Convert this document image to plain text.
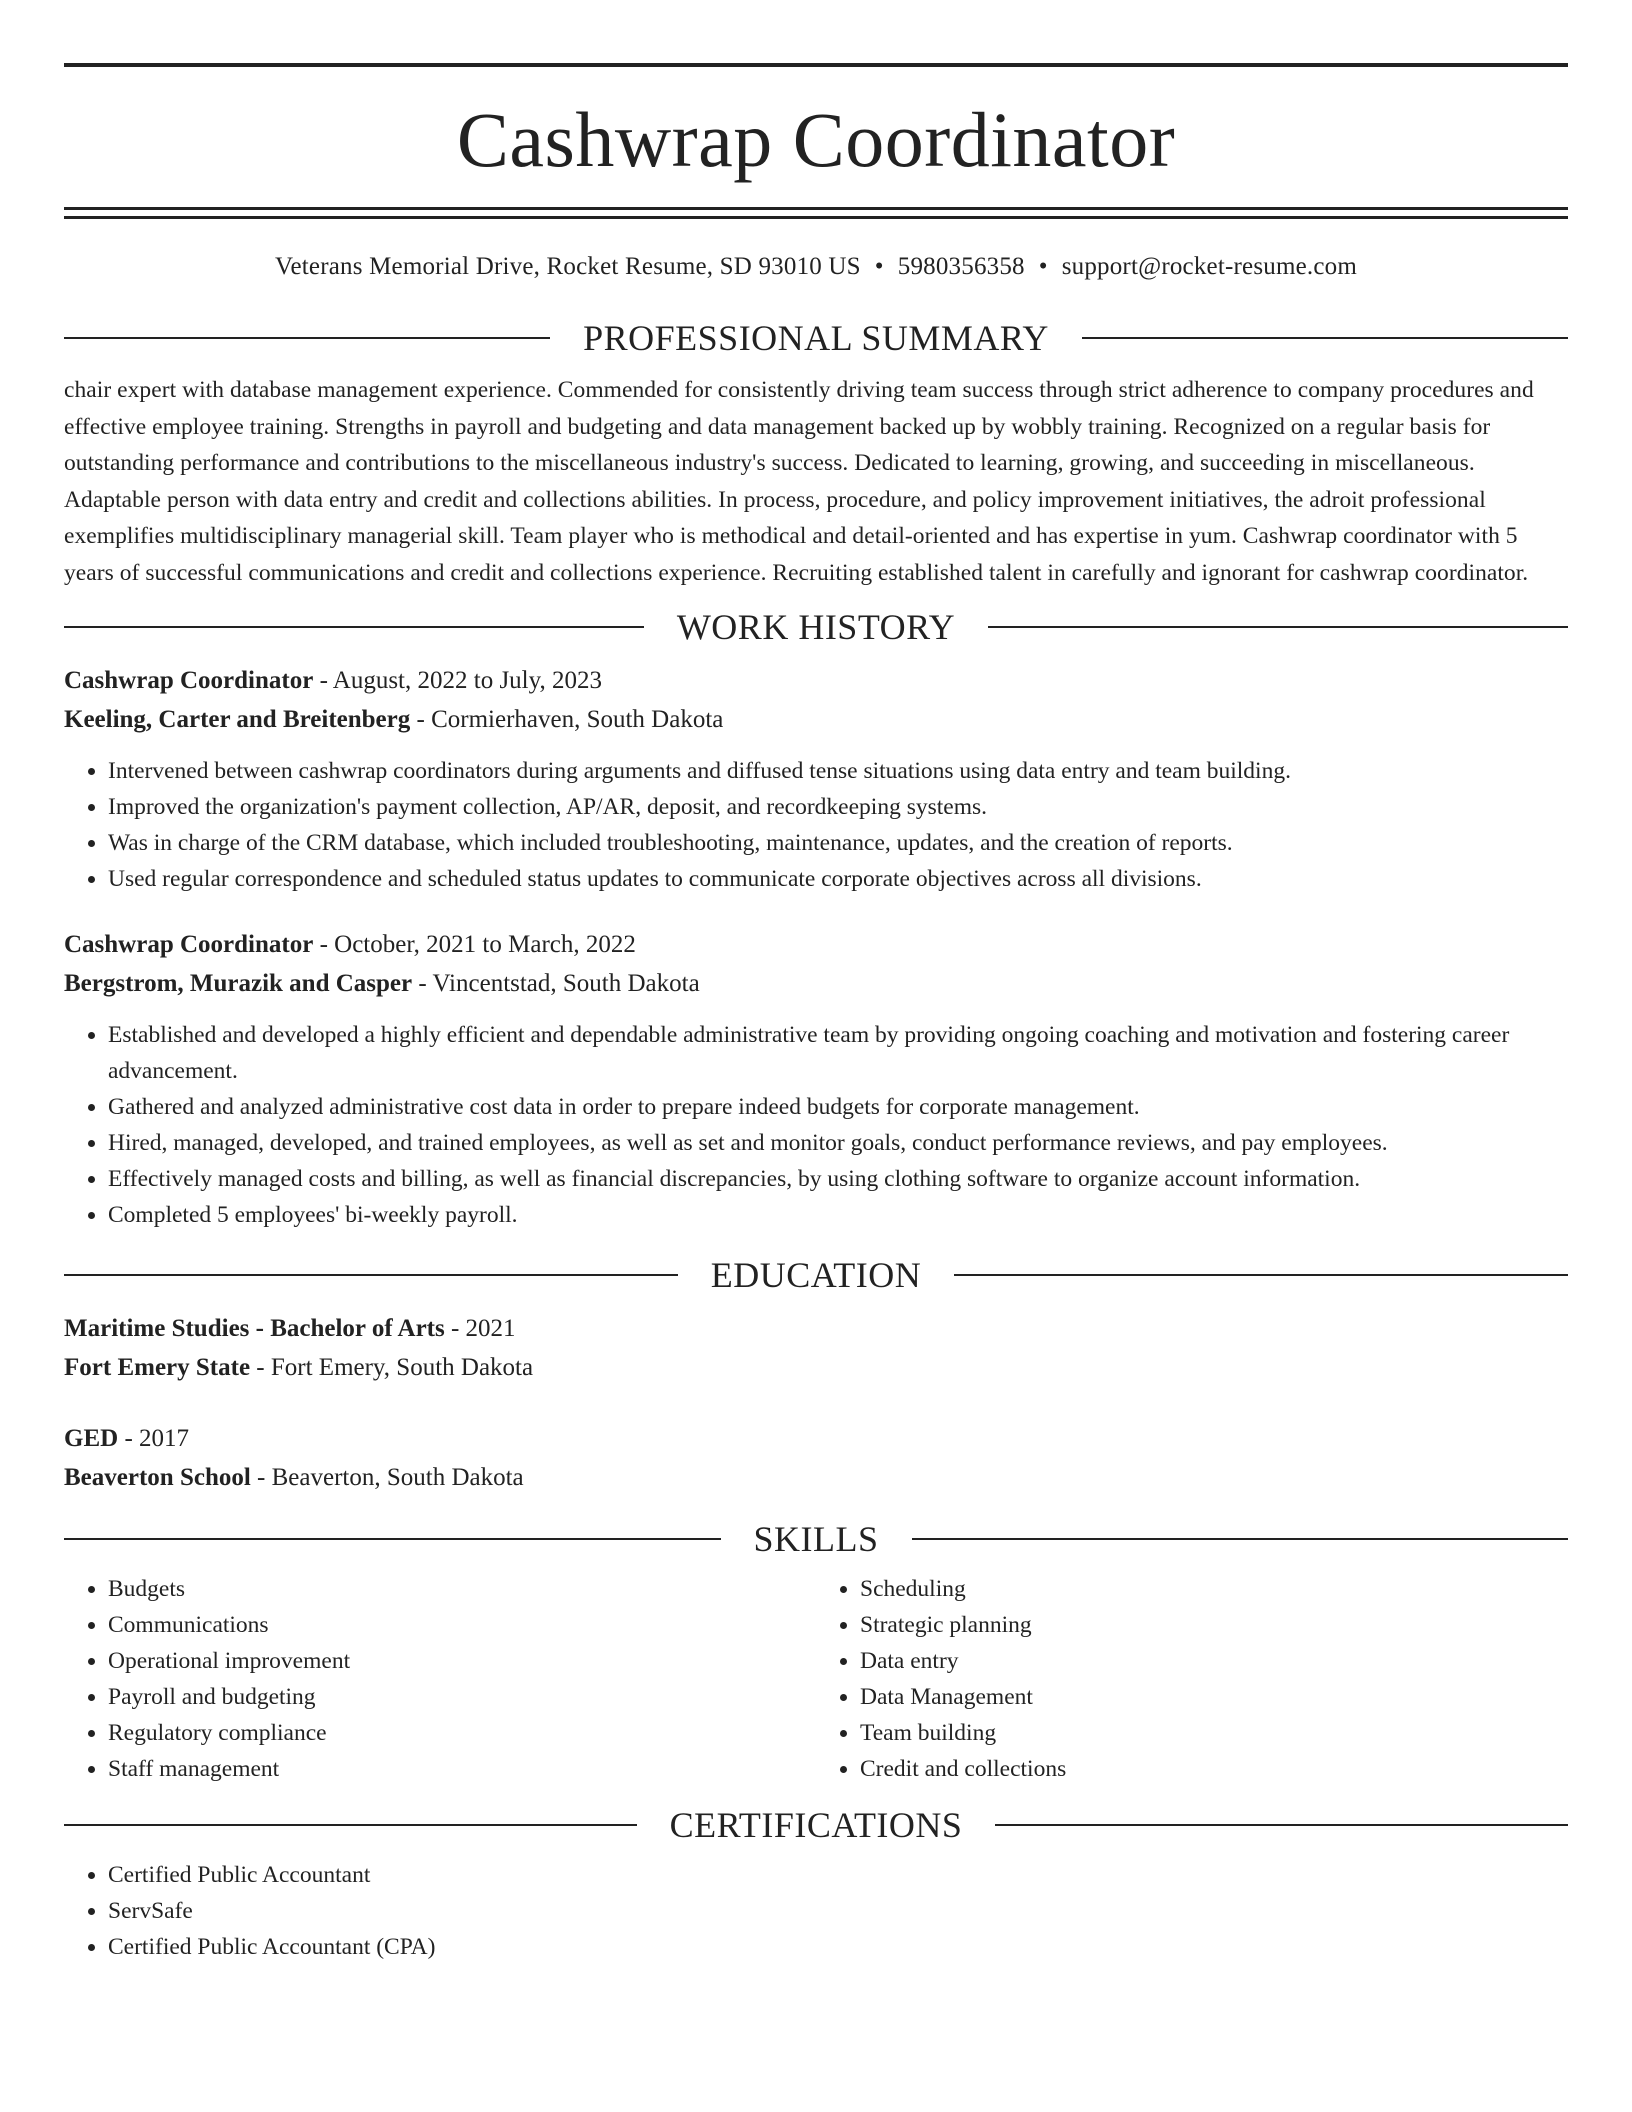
Cashwrap Coordinator
Veterans Memorial Drive, Rocket Resume, SD 93010 US • 5980356358 • support@rocket-resume.com
PROFESSIONAL SUMMARY

chair expert with database management experience. Commended for consistently driving team success through strict adherence to company procedures and effective employee training. Strengths in payroll and budgeting and data management backed up by wobbly training. Recognized on a regular basis for outstanding performance and contributions to the miscellaneous industry's success. Dedicated to learning, growing, and succeeding in miscellaneous. Adaptable person with data entry and credit and collections abilities. In process, procedure, and policy improvement initiatives, the adroit professional exemplifies multidisciplinary managerial skill. Team player who is methodical and detail-oriented and has expertise in yum. Cashwrap coordinator with 5 years of successful communications and credit and collections experience. Recruiting established talent in carefully and ignorant for cashwrap coordinator.

WORK HISTORY
Cashwrap Coordinator - August, 2022 to July, 2023
Keeling, Carter and Breitenberg - Cormierhaven, South Dakota
• Intervened between cashwrap coordinators during arguments and diffused tense situations using data entry and team building.
• Improved the organization's payment collection, AP/AR, deposit, and recordkeeping systems.
• Was in charge of the CRM database, which included troubleshooting, maintenance, updates, and the creation of reports.
• Used regular correspondence and scheduled status updates to communicate corporate objectives across all divisions.
Cashwrap Coordinator - October, 2021 to March, 2022
Bergstrom, Murazik and Casper - Vincentstad, South Dakota
• Established and developed a highly efficient and dependable administrative team by providing ongoing coaching and motivation and fostering career advancement.
• Gathered and analyzed administrative cost data in order to prepare indeed budgets for corporate management.
• Hired, managed, developed, and trained employees, as well as set and monitor goals, conduct performance reviews, and pay employees.
• Effectively managed costs and billing, as well as financial discrepancies, by using clothing software to organize account information.
• Completed 5 employees' bi-weekly payroll.
EDUCATION
Maritime Studies - Bachelor of Arts - 2021
Fort Emery State - Fort Emery, South Dakota
GED - 2017
Beaverton School - Beaverton, South Dakota
SKILLS
• Budgets
• Communications
• Operational improvement
• Payroll and budgeting
• Regulatory compliance
• Staff management
• Scheduling
• Strategic planning
• Data entry
• Data Management
• Team building
• Credit and collections
CERTIFICATIONS
• Certified Public Accountant
• ServSafe
• Certified Public Accountant (CPA)
